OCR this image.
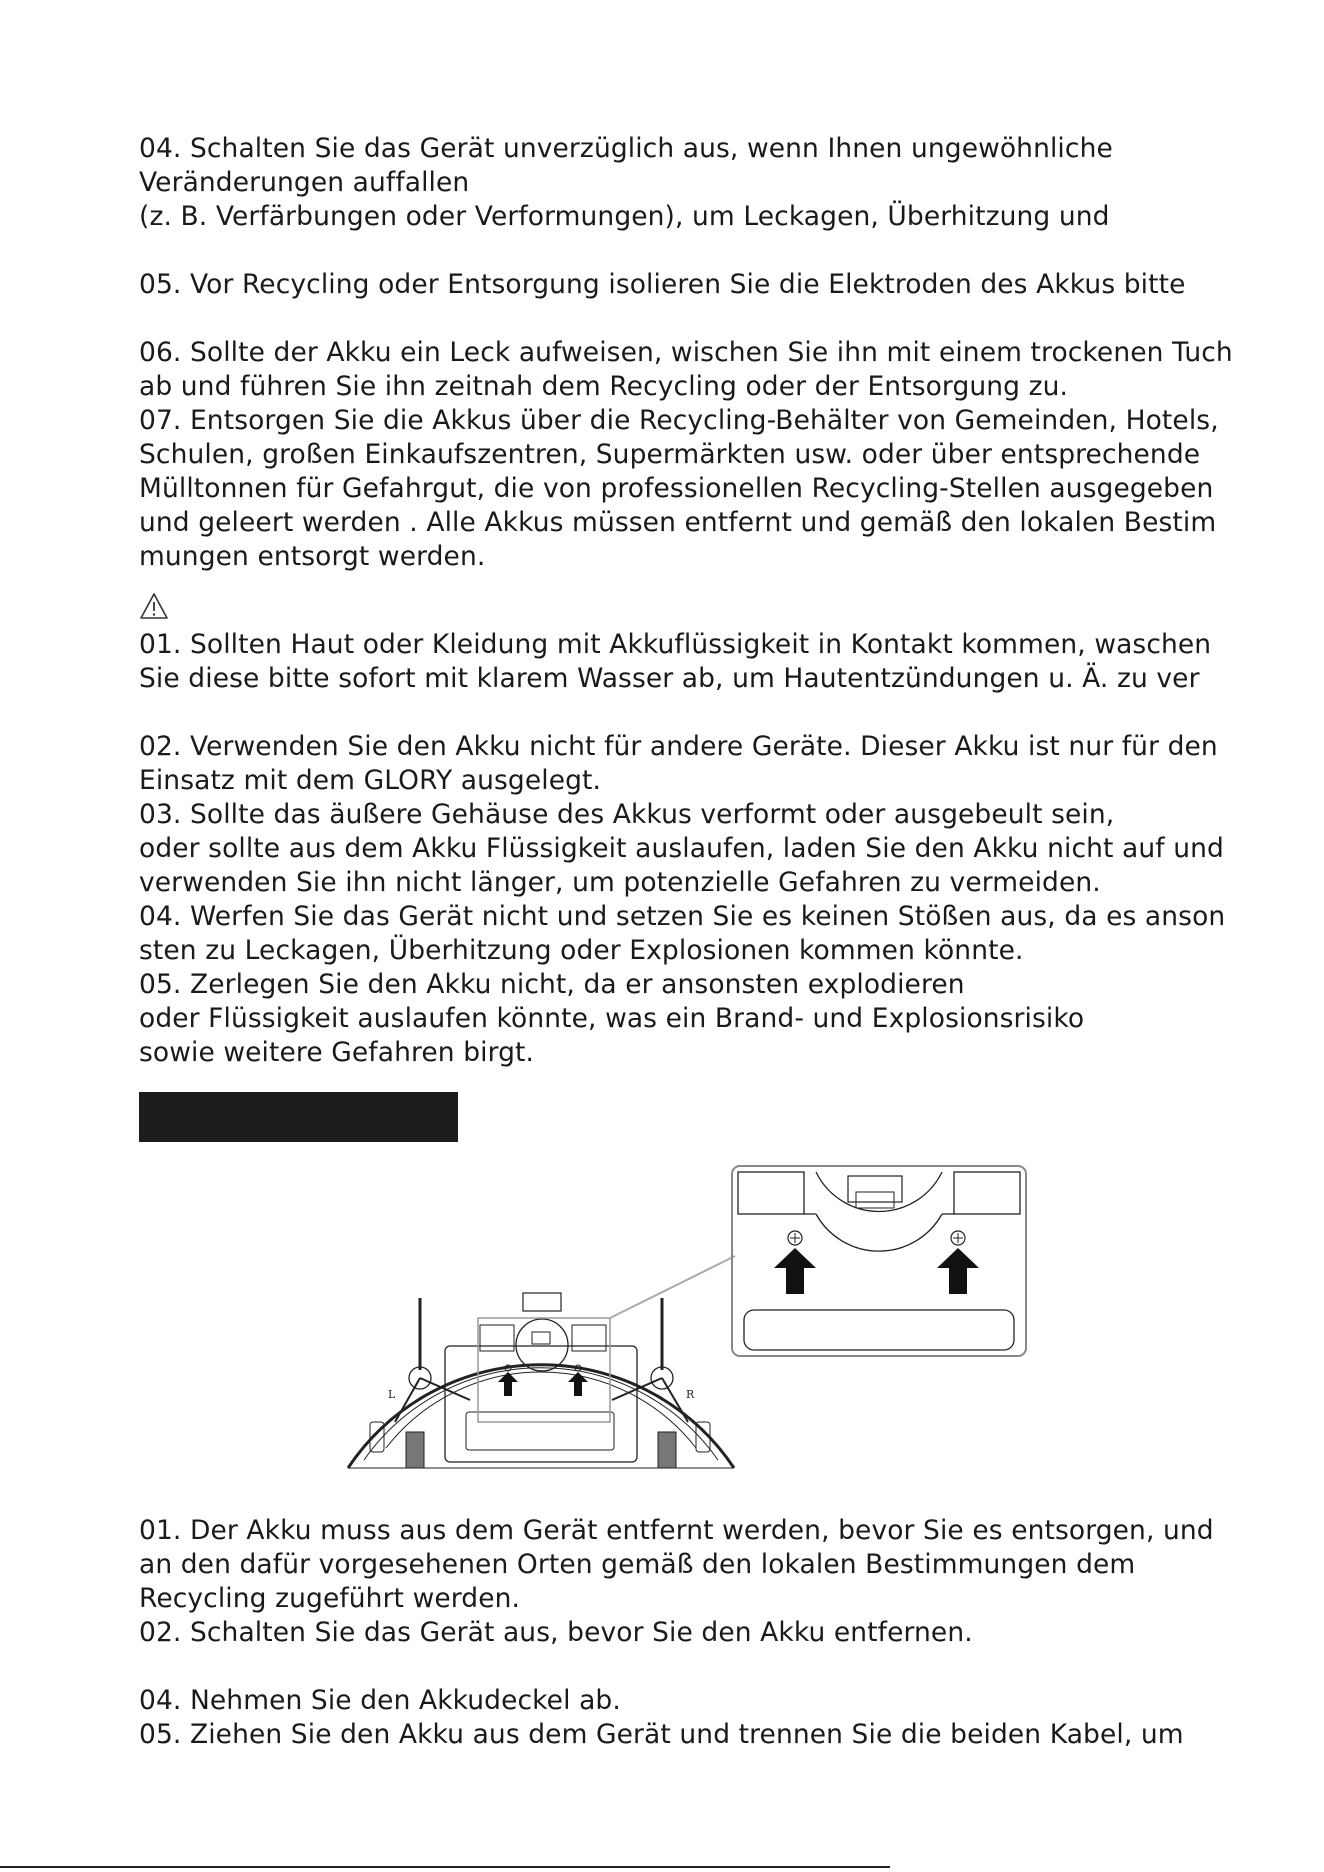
04. Schalten Sie das Gerät unverzüglich aus, wenn Ihnen ungewöhnliche

Veränderungen auffallen

(z. B. Verfärbungen oder Verformungen), um Leckagen, Überhitzung und

05. Vor Recycling oder Entsorgung isolieren Sie die Elektroden des Akkus bitte

06. Sollte der Akku ein Leck aufweisen, wischen Sie ihn mit einem trockenen Tuch

ab und führen Sie ihn zeitnah dem Recycling oder der Entsorgung zu.

07. Entsorgen Sie die Akkus über die Recycling-Behälter von Gemeinden, Hotels,

Schulen, großen Einkaufszentren, Supermärkten usw. oder über entsprechende

Mülltonnen für Gefahrgut, die von professionellen Recycling-Stellen ausgegeben

und geleert werden . Alle Akkus müssen entfernt und gemäß den lokalen Bestim

mungen entsorgt werden.

01. Sollten Haut oder Kleidung mit Akkuflüssigkeit in Kontakt kommen, waschen

Sie diese bitte sofort mit klarem Wasser ab, um Hautentzündungen u. Ä. zu ver

02. Verwenden Sie den Akku nicht für andere Geräte. Dieser Akku ist nur für den

Einsatz mit dem GLORY ausgelegt.

03. Sollte das äußere Gehäuse des Akkus verformt oder ausgebeult sein,

oder sollte aus dem Akku Flüssigkeit auslaufen, laden Sie den Akku nicht auf und

verwenden Sie ihn nicht länger, um potenzielle Gefahren zu vermeiden.

04. Werfen Sie das Gerät nicht und setzen Sie es keinen Stößen aus, da es anson

sten zu Leckagen, Überhitzung oder Explosionen kommen könnte.

05. Zerlegen Sie den Akku nicht, da er ansonsten explodieren

oder Flüssigkeit auslaufen könnte, was ein Brand- und Explosionsrisiko

sowie weitere Gefahren birgt.

L	R

01. Der Akku muss aus dem Gerät entfernt werden, bevor Sie es entsorgen, und

an den dafür vorgesehenen Orten gemäß den lokalen Bestimmungen dem

Recycling zugeführt werden.

02. Schalten Sie das Gerät aus, bevor Sie den Akku entfernen.

04. Nehmen Sie den Akkudeckel ab.

05. Ziehen Sie den Akku aus dem Gerät und trennen Sie die beiden Kabel, um
